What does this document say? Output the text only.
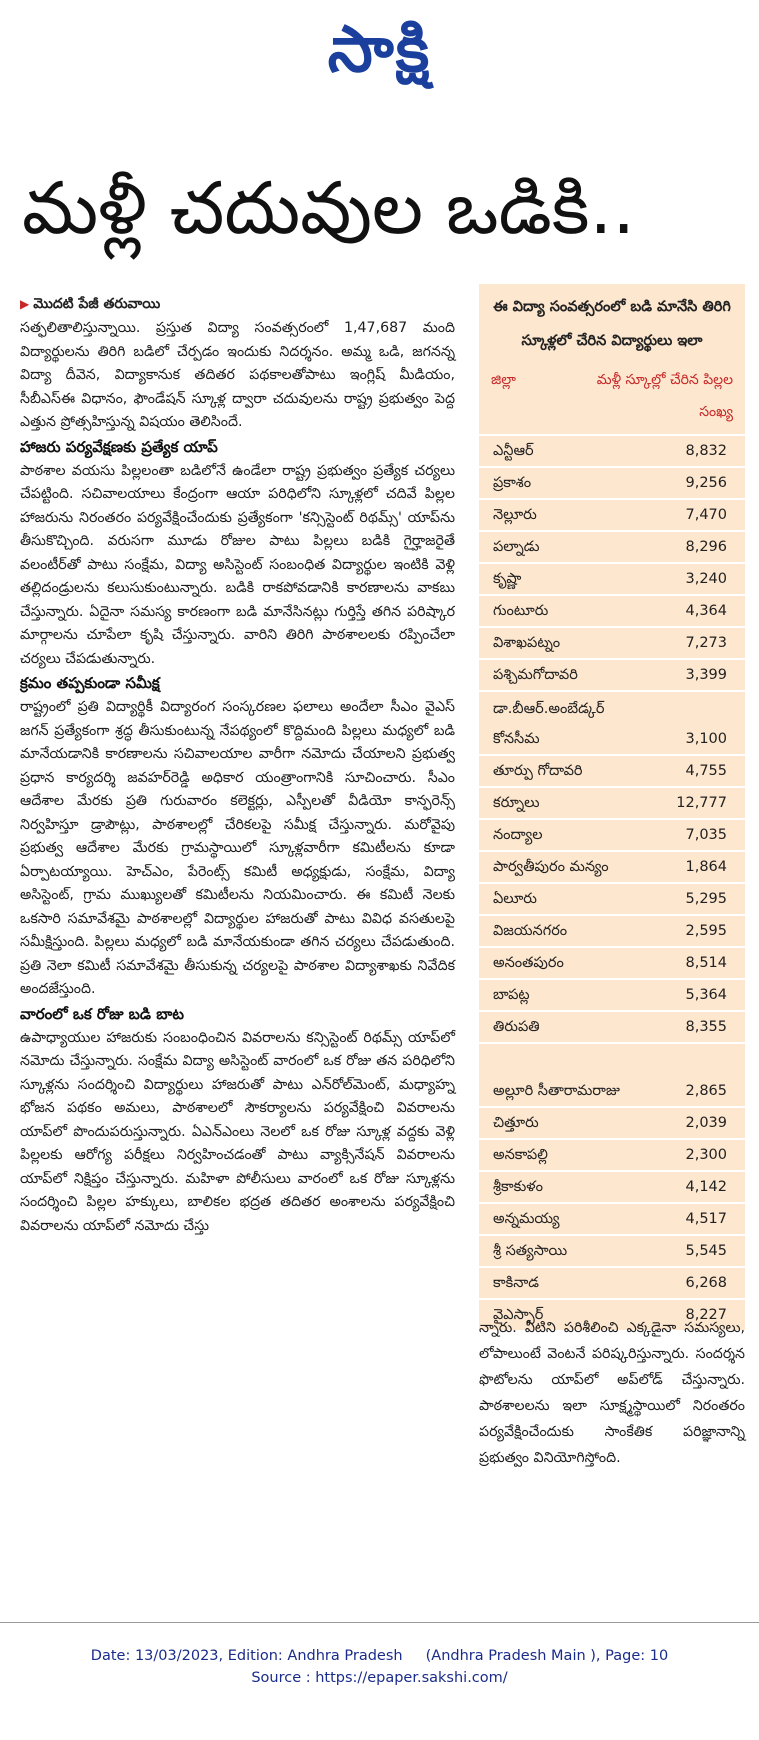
సాక్షి
మళ్లీ చదువుల ఒడికి..
▶ మొదటి పేజీ తరువాయి

సత్ఫలితాలిస్తున్నాయి. ప్రస్తుత విద్యా సంవత్సరంలో 1,47,687 మంది విద్యార్థులను తిరిగి బడిలో చేర్పడం ఇందుకు నిదర్శనం. అమ్మ ఒడి, జగనన్న విద్యా దీవెన, విద్యాకానుక తదితర పథకాలతోపాటు ఇంగ్లిష్ మీడియం, సీబీఎస్ఈ విధానం, ఫౌండేషన్ స్కూళ్ల ద్వారా చదువులను రాష్ట్ర ప్రభుత్వం పెద్ద ఎత్తున ప్రోత్సహిస్తున్న విషయం తెలిసిందే.

హాజరు పర్యవేక్షణకు ప్రత్యేక యాప్

పాఠశాల వయసు పిల్లలంతా బడిలోనే ఉండేలా రాష్ట్ర ప్రభుత్వం ప్రత్యేక చర్యలు చేపట్టింది. సచివాలయాలు కేంద్రంగా ఆయా పరిధిలోని స్కూళ్లలో చదివే పిల్లల హాజరును నిరంతరం పర్యవేక్షించేందుకు ప్రత్యేకంగా 'కన్సిస్టెంట్ రిథమ్స్' యాప్‌ను తీసుకొచ్చింది. వరుసగా మూడు రోజుల పాటు పిల్లలు బడికి గైర్హాజరైతే వలంటీర్‌తో పాటు సంక్షేమ, విద్యా అసిస్టెంట్ సంబంధిత విద్యార్థుల ఇంటికి వెళ్లి తల్లిదండ్రులను కలుసుకుంటున్నారు. బడికి రాకపోవడానికి కారణాలను వాకబు చేస్తున్నారు. ఏదైనా సమస్య కారణంగా బడి మానేసినట్లు గుర్తిస్తే తగిన పరిష్కార మార్గాలను చూపేలా కృషి చేస్తున్నారు. వారిని తిరిగి పాఠశాలలకు రప్పించేలా చర్యలు చేపడుతున్నారు.

క్రమం తప్పకుండా సమీక్ష

రాష్ట్రంలో ప్రతి విద్యార్థికీ విద్యారంగ సంస్కరణల ఫలాలు అందేలా సీఎం వైఎస్ జగన్ ప్రత్యేకంగా శ్రద్ధ తీసుకుంటున్న నేపథ్యంలో కొద్దిమంది పిల్లలు మధ్యలో బడి మానేయడానికి కారణాలను సచివాలయాల వారీగా నమోదు చేయాలని ప్రభుత్వ ప్రధాన కార్యదర్శి జవహర్‌రెడ్డి అధికార యంత్రాంగానికి సూచించారు. సీఎం ఆదేశాల మేరకు ప్రతి గురువారం కలెక్టర్లు, ఎస్పీలతో వీడియో కాన్ఫరెన్స్ నిర్వహిస్తూ డ్రాపౌట్లు, పాఠశాలల్లో చేరికలపై సమీక్ష చేస్తున్నారు. మరోవైపు ప్రభుత్వ ఆదేశాల మేరకు గ్రామస్థాయిలో స్కూళ్లవారీగా కమిటీలను కూడా ఏర్పాటయ్యాయి. హెచ్‌ఎం, పేరెంట్స్ కమిటీ అధ్యక్షుడు, సంక్షేమ, విద్యా అసిస్టెంట్, గ్రామ ముఖ్యులతో కమిటీలను నియమించారు. ఈ కమిటీ నెలకు ఒకసారి సమావేశమై పాఠశాలల్లో విద్యార్థుల హాజరుతో పాటు వివిధ వసతులపై సమీక్షిస్తుంది. పిల్లలు మధ్యలో బడి మానేయకుండా తగిన చర్యలు చేపడుతుంది. ప్రతి నెలా కమిటీ సమావేశమై తీసుకున్న చర్యలపై పాఠశాల విద్యాశాఖకు నివేదిక అందజేస్తుంది.

వారంలో ఒక రోజు బడి బాట

ఉపాధ్యాయుల హాజరుకు సంబంధించిన వివరాలను కన్సిస్టెంట్ రిథమ్స్ యాప్‌లో నమోదు చేస్తున్నారు. సంక్షేమ విద్యా అసిస్టెంట్ వారంలో ఒక రోజు తన పరిధిలోని స్కూళ్లను సందర్శించి విద్యార్థులు హాజరుతో పాటు ఎన్‌రోల్‌మెంట్, మధ్యాహ్న భోజన పథకం అమలు, పాఠశాలలో సౌకర్యాలను పర్యవేక్షించి వివరాలను యాప్‌లో పొందుపరుస్తున్నారు. ఏఎన్‌ఎంలు నెలలో ఒక రోజు స్కూళ్ల వద్దకు వెళ్లి పిల్లలకు ఆరోగ్య పరీక్షలు నిర్వహించడంతో పాటు వ్యాక్సినేషన్ వివరాలను యాప్‌లో నిక్షిప్తం చేస్తున్నారు. మహిళా పోలీసులు వారంలో ఒక రోజు స్కూళ్లను సందర్శించి పిల్లల హక్కులు, బాలికల భద్రత తదితర అంశాలను పర్యవేక్షించి వివరాలను యాప్‌లో నమోదు చేస్తు

ఈ విద్యా సంవత్సరంలో బడి మానేసి తిరిగి స్కూళ్లలో చేరిన విద్యార్థులు ఇలా
జిల్లా	మళ్లీ స్కూల్లో చేరిన పిల్లల సంఖ్య
ఎన్టీఆర్	8,832
ప్రకాశం	9,256
నెల్లూరు	7,470
పల్నాడు	8,296
కృష్ణా	3,240
గుంటూరు	4,364
విశాఖపట్నం	7,273
పశ్చిమగోదావరి	3,399
డా.బీఆర్.అంబేడ్కర్ కోనసీమ	3,100
తూర్పు గోదావరి	4,755
కర్నూలు	12,777
నంద్యాల	7,035
పార్వతీపురం మన్యం	1,864
ఏలూరు	5,295
విజయనగరం	2,595
అనంతపురం	8,514
బాపట్ల	5,364
తిరుపతి	8,355
అల్లూరి సీతారామరాజు	2,865
చిత్తూరు	2,039
అనకాపల్లి	2,300
శ్రీకాకుళం	4,142
అన్నమయ్య	4,517
శ్రీ సత్యసాయి	5,545
కాకినాడ	6,268
వైఎస్సార్	8,227

న్నారు. వీటిని పరిశీలించి ఎక్కడైనా సమస్యలు, లోపాలుంటే వెంటనే పరిష్కరిస్తున్నారు. సందర్శన ఫొటోలను యాప్‌లో అప్‌లోడ్ చేస్తున్నారు. పాఠశాలలను ఇలా సూక్ష్మస్థాయిలో నిరంతరం పర్యవేక్షించేందుకు సాంకేతిక పరిజ్ఞానాన్ని ప్రభుత్వం వినియోగిస్తోంది.

Date: 13/03/2023, Edition: Andhra Pradesh     (Andhra Pradesh Main ), Page: 10
Source : https://epaper.sakshi.com/
